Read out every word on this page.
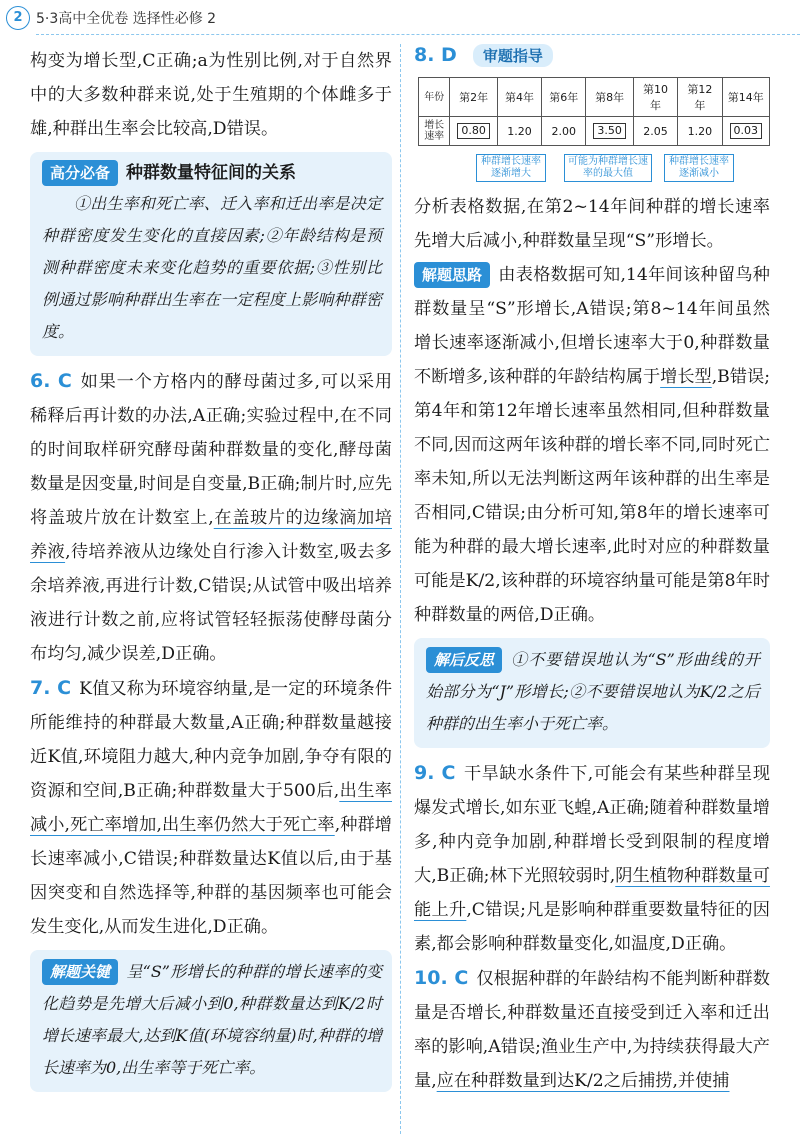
2 5·3高中全优卷 选择性必修 2

构变为增长型,C正确;a为性别比例,对于自然界中的大多数种群来说,处于生殖期的个体雌多于雄,种群出生率会比较高,D错误。

高分必备 种群数量特征间的关系

①出生率和死亡率、迁入率和迁出率是决定种群密度发生变化的直接因素;②年龄结构是预测种群密度未来变化趋势的重要依据;③性别比例通过影响种群出生率在一定程度上影响种群密度。

6. C 如果一个方格内的酵母菌过多,可以采用稀释后再计数的办法,A正确;实验过程中,在不同的时间取样研究酵母菌种群数量的变化,酵母菌数量是因变量,时间是自变量,B正确;制片时,应先将盖玻片放在计数室上,在盖玻片的边缘滴加培养液,待培养液从边缘处自行渗入计数室,吸去多余培养液,再进行计数,C错误;从试管中吸出培养液进行计数之前,应将试管轻轻振荡使酵母菌分布均匀,减少误差,D正确。

7. C K值又称为环境容纳量,是一定的环境条件所能维持的种群最大数量,A正确;种群数量越接近K值,环境阻力越大,种内竞争加剧,争夺有限的资源和空间,B正确;种群数量大于500后,出生率减小,死亡率增加,出生率仍然大于死亡率,种群增长速率减小,C错误;种群数量达K值以后,由于基因突变和自然选择等,种群的基因频率也可能会发生变化,从而发生进化,D正确。

解题关键 呈“S”形增长的种群的增长速率的变化趋势是先增大后减小到0,种群数量达到K/2时增长速率最大,达到K值(环境容纳量)时,种群的增长速率为0,出生率等于死亡率。

8. D 审题指导
年份	第2年	第4年	第6年	第8年	第10年	第12年	第14年
增长速率	0.80	1.20	2.00	3.50	2.05	1.20	0.03
种群增长速率逐渐增大
可能为种群增长速率的最大值
种群增长速率逐渐减小

分析表格数据,在第2~14年间种群的增长速率先增大后减小,种群数量呈现“S”形增长。

解题思路 由表格数据可知,14年间该种留鸟种群数量呈“S”形增长,A错误;第8~14年间虽然增长速率逐渐减小,但增长速率大于0,种群数量不断增多,该种群的年龄结构属于增长型,B错误;第4年和第12年增长速率虽然相同,但种群数量不同,因而这两年该种群的增长率不同,同时死亡率未知,所以无法判断这两年该种群的出生率是否相同,C错误;由分析可知,第8年的增长速率可能为种群的最大增长速率,此时对应的种群数量可能是K/2,该种群的环境容纳量可能是第8年时种群数量的两倍,D正确。

解后反思 ①不要错误地认为“S”形曲线的开始部分为“J”形增长;②不要错误地认为K/2之后种群的出生率小于死亡率。

9. C 干旱缺水条件下,可能会有某些种群呈现爆发式增长,如东亚飞蝗,A正确;随着种群数量增多,种内竞争加剧,种群增长受到限制的程度增大,B正确;林下光照较弱时,阴生植物种群数量可能上升,C错误;凡是影响种群重要数量特征的因素,都会影响种群数量变化,如温度,D正确。

10. C 仅根据种群的年龄结构不能判断种群数量是否增长,种群数量还直接受到迁入率和迁出率的影响,A错误;渔业生产中,为持续获得最大产量,应在种群数量到达K/2之后捕捞,并使捕
